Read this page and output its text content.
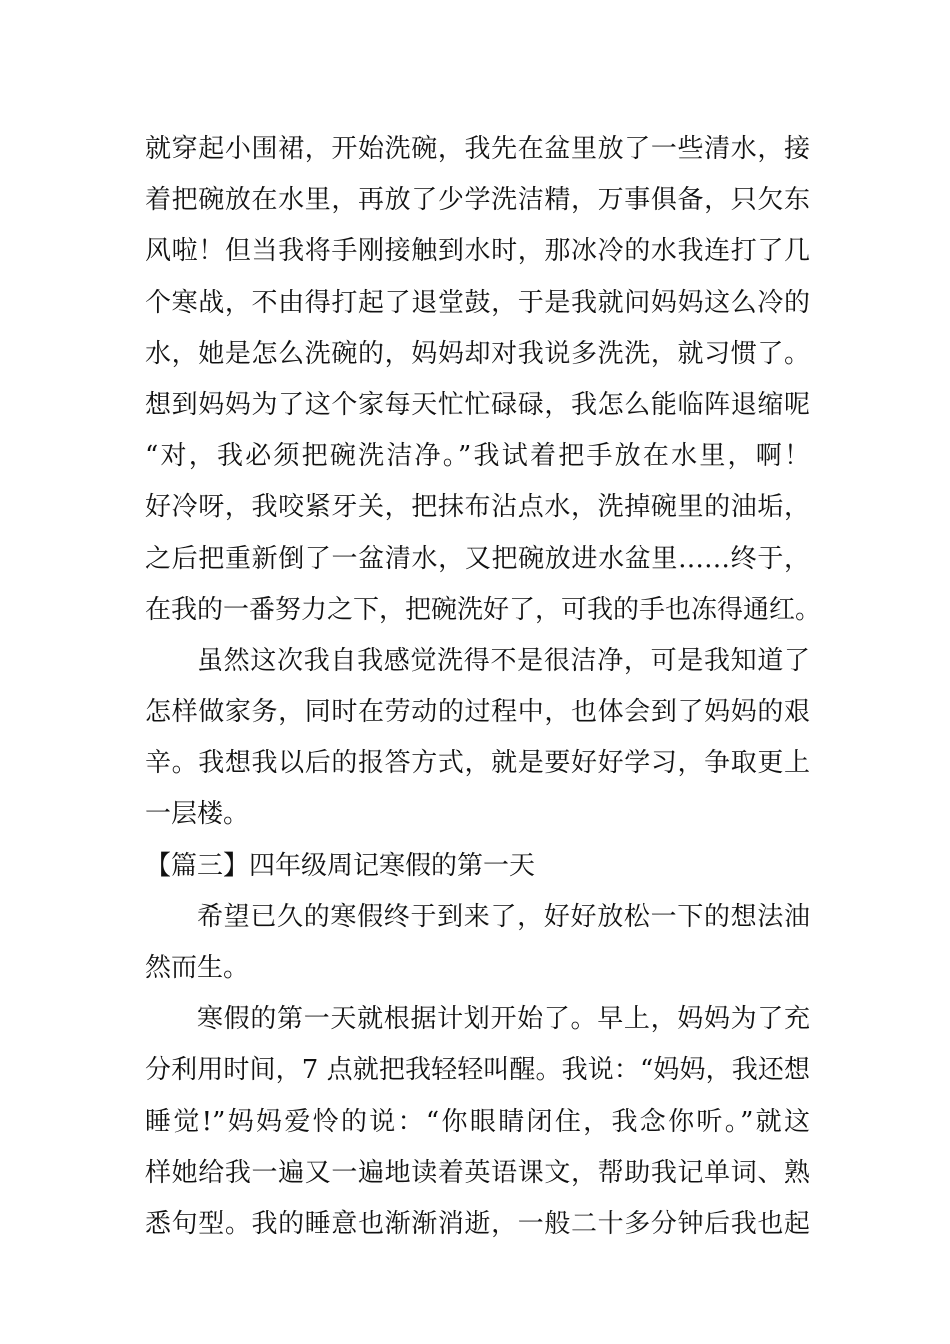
就穿起小围裙，开始洗碗，我先在盆里放了一些清水，接
着把碗放在水里，再放了少学洗洁精，万事俱备，只欠东
风啦！但当我将手刚接触到水时，那冰冷的水我连打了几
个寒战，不由得打起了退堂鼓，于是我就问妈妈这么冷的
水，她是怎么洗碗的，妈妈却对我说多洗洗，就习惯了。
想到妈妈为了这个家每天忙忙碌碌，我怎么能临阵退缩呢
“对，我必须把碗洗洁净。”我试着把手放在水里，啊！
好冷呀，我咬紧牙关，把抹布沾点水，洗掉碗里的油垢，
之后把重新倒了一盆清水，又把碗放进水盆里……终于，
在我的一番努力之下，把碗洗好了，可我的手也冻得通红。
虽然这次我自我感觉洗得不是很洁净，可是我知道了
怎样做家务，同时在劳动的过程中，也体会到了妈妈的艰
辛。我想我以后的报答方式，就是要好好学习，争取更上
一层楼。
【篇三】四年级周记寒假的第一天
希望已久的寒假终于到来了，好好放松一下的想法油
然而生。
寒假的第一天就根据计划开始了。早上，妈妈为了充
分利用时间，7 点就把我轻轻叫醒。我说：“妈妈，我还想
睡觉!”妈妈爱怜的说：“你眼睛闭住，我念你听。”就这
样她给我一遍又一遍地读着英语课文，帮助我记单词、熟
悉句型。我的睡意也渐渐消逝，一般二十多分钟后我也起
